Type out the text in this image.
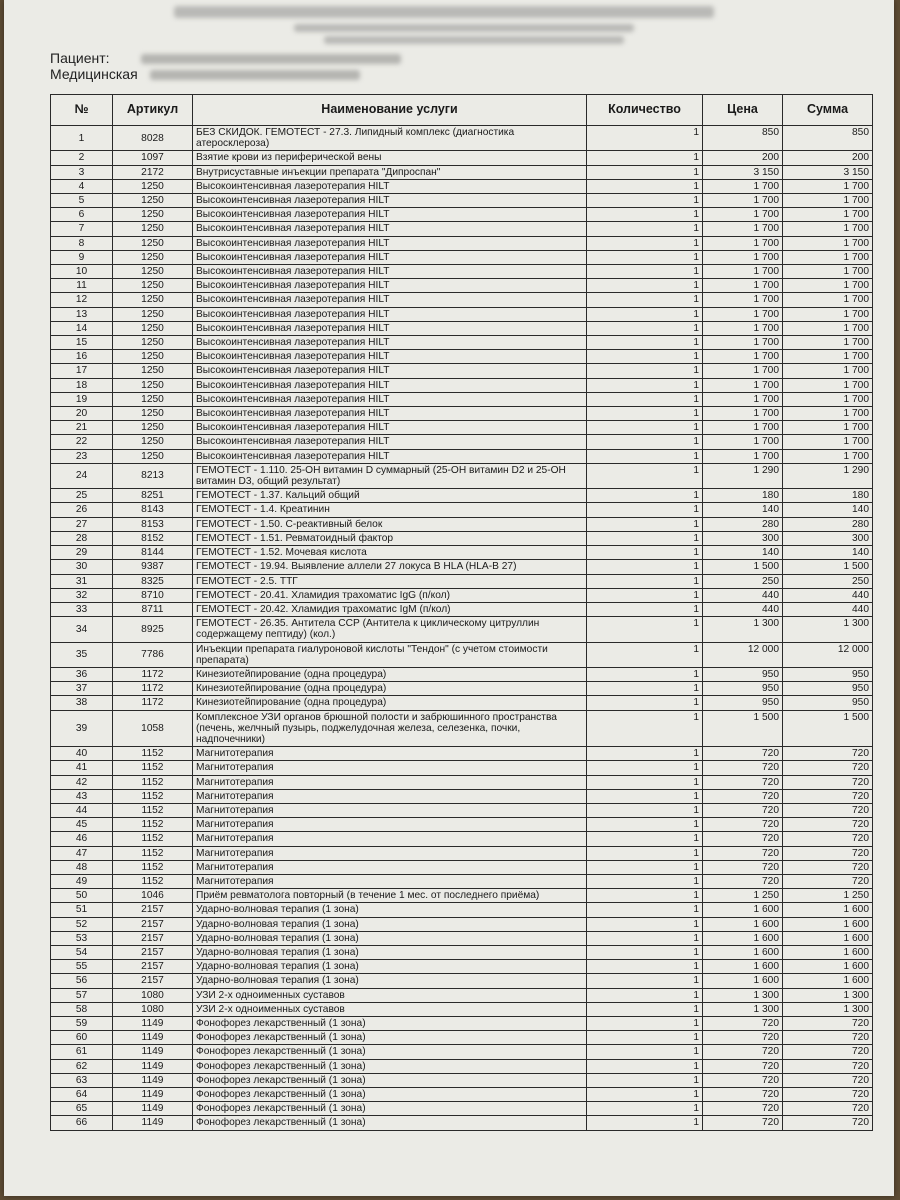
Пациент:
Медицинская
№	Артикул	Наименование услуги	Количество	Цена	Сумма
1	8028	БЕЗ СКИДОК. ГЕМОТЕСТ - 27.3. Липидный комплекс (диагностика атеросклероза)	1	850	850
2	1097	Взятие крови из периферической вены	1	200	200
3	2172	Внутрисуставные инъекции препарата "Дипроспан"	1	3 150	3 150
4	1250	Высокоинтенсивная лазеротерапия HILT	1	1 700	1 700
5	1250	Высокоинтенсивная лазеротерапия HILT	1	1 700	1 700
6	1250	Высокоинтенсивная лазеротерапия HILT	1	1 700	1 700
7	1250	Высокоинтенсивная лазеротерапия HILT	1	1 700	1 700
8	1250	Высокоинтенсивная лазеротерапия HILT	1	1 700	1 700
9	1250	Высокоинтенсивная лазеротерапия HILT	1	1 700	1 700
10	1250	Высокоинтенсивная лазеротерапия HILT	1	1 700	1 700
11	1250	Высокоинтенсивная лазеротерапия HILT	1	1 700	1 700
12	1250	Высокоинтенсивная лазеротерапия HILT	1	1 700	1 700
13	1250	Высокоинтенсивная лазеротерапия HILT	1	1 700	1 700
14	1250	Высокоинтенсивная лазеротерапия HILT	1	1 700	1 700
15	1250	Высокоинтенсивная лазеротерапия HILT	1	1 700	1 700
16	1250	Высокоинтенсивная лазеротерапия HILT	1	1 700	1 700
17	1250	Высокоинтенсивная лазеротерапия HILT	1	1 700	1 700
18	1250	Высокоинтенсивная лазеротерапия HILT	1	1 700	1 700
19	1250	Высокоинтенсивная лазеротерапия HILT	1	1 700	1 700
20	1250	Высокоинтенсивная лазеротерапия HILT	1	1 700	1 700
21	1250	Высокоинтенсивная лазеротерапия HILT	1	1 700	1 700
22	1250	Высокоинтенсивная лазеротерапия HILT	1	1 700	1 700
23	1250	Высокоинтенсивная лазеротерапия HILT	1	1 700	1 700
24	8213	ГЕМОТЕСТ - 1.110. 25-OH витамин D суммарный (25-OH витамин D2 и 25-OH витамин D3, общий результат)	1	1 290	1 290
25	8251	ГЕМОТЕСТ - 1.37. Кальций общий	1	180	180
26	8143	ГЕМОТЕСТ - 1.4. Креатинин	1	140	140
27	8153	ГЕМОТЕСТ - 1.50. С-реактивный белок	1	280	280
28	8152	ГЕМОТЕСТ - 1.51. Ревматоидный фактор	1	300	300
29	8144	ГЕМОТЕСТ - 1.52. Мочевая кислота	1	140	140
30	9387	ГЕМОТЕСТ - 19.94. Выявление аллели 27 локуса B HLA (HLA-B 27)	1	1 500	1 500
31	8325	ГЕМОТЕСТ - 2.5. ТТГ	1	250	250
32	8710	ГЕМОТЕСТ - 20.41. Хламидия трахоматис IgG (п/кол)	1	440	440
33	8711	ГЕМОТЕСТ - 20.42. Хламидия трахоматис IgM (п/кол)	1	440	440
34	8925	ГЕМОТЕСТ - 26.35. Антитела ССР (Антитела к циклическому цитруллин содержащему пептиду) (кол.)	1	1 300	1 300
35	7786	Инъекции препарата гиалуроновой кислоты "Тендон" (с учетом стоимости препарата)	1	12 000	12 000
36	1172	Кинезиотейпирование (одна процедура)	1	950	950
37	1172	Кинезиотейпирование (одна процедура)	1	950	950
38	1172	Кинезиотейпирование (одна процедура)	1	950	950
39	1058	Комплексное УЗИ органов брюшной полости и забрюшинного пространства (печень, желчный пузырь, поджелудочная железа, селезенка, почки, надпочечники)	1	1 500	1 500
40	1152	Магнитотерапия	1	720	720
41	1152	Магнитотерапия	1	720	720
42	1152	Магнитотерапия	1	720	720
43	1152	Магнитотерапия	1	720	720
44	1152	Магнитотерапия	1	720	720
45	1152	Магнитотерапия	1	720	720
46	1152	Магнитотерапия	1	720	720
47	1152	Магнитотерапия	1	720	720
48	1152	Магнитотерапия	1	720	720
49	1152	Магнитотерапия	1	720	720
50	1046	Приём ревматолога повторный (в течение 1 мес. от последнего приёма)	1	1 250	1 250
51	2157	Ударно-волновая терапия (1 зона)	1	1 600	1 600
52	2157	Ударно-волновая терапия (1 зона)	1	1 600	1 600
53	2157	Ударно-волновая терапия (1 зона)	1	1 600	1 600
54	2157	Ударно-волновая терапия (1 зона)	1	1 600	1 600
55	2157	Ударно-волновая терапия (1 зона)	1	1 600	1 600
56	2157	Ударно-волновая терапия (1 зона)	1	1 600	1 600
57	1080	УЗИ 2-х одноименных суставов	1	1 300	1 300
58	1080	УЗИ 2-х одноименных суставов	1	1 300	1 300
59	1149	Фонофорез лекарственный (1 зона)	1	720	720
60	1149	Фонофорез лекарственный (1 зона)	1	720	720
61	1149	Фонофорез лекарственный (1 зона)	1	720	720
62	1149	Фонофорез лекарственный (1 зона)	1	720	720
63	1149	Фонофорез лекарственный (1 зона)	1	720	720
64	1149	Фонофорез лекарственный (1 зона)	1	720	720
65	1149	Фонофорез лекарственный (1 зона)	1	720	720
66	1149	Фонофорез лекарственный (1 зона)	1	720	720
